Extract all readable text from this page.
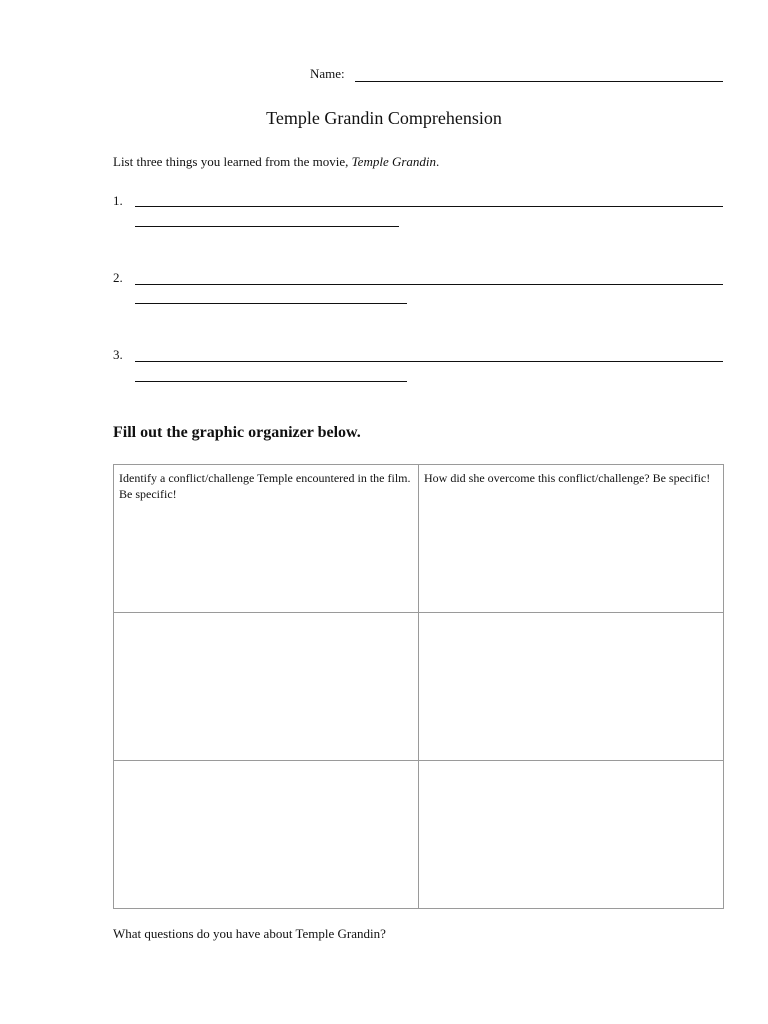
Name:
Temple Grandin Comprehension
List three things you learned from the movie, Temple Grandin.
1.
2.
3.
Fill out the graphic organizer below.
Identify a conflict/challenge Temple encountered in the film. Be specific!	How did she overcome this conflict/challenge? Be specific!

What questions do you have about Temple Grandin?
